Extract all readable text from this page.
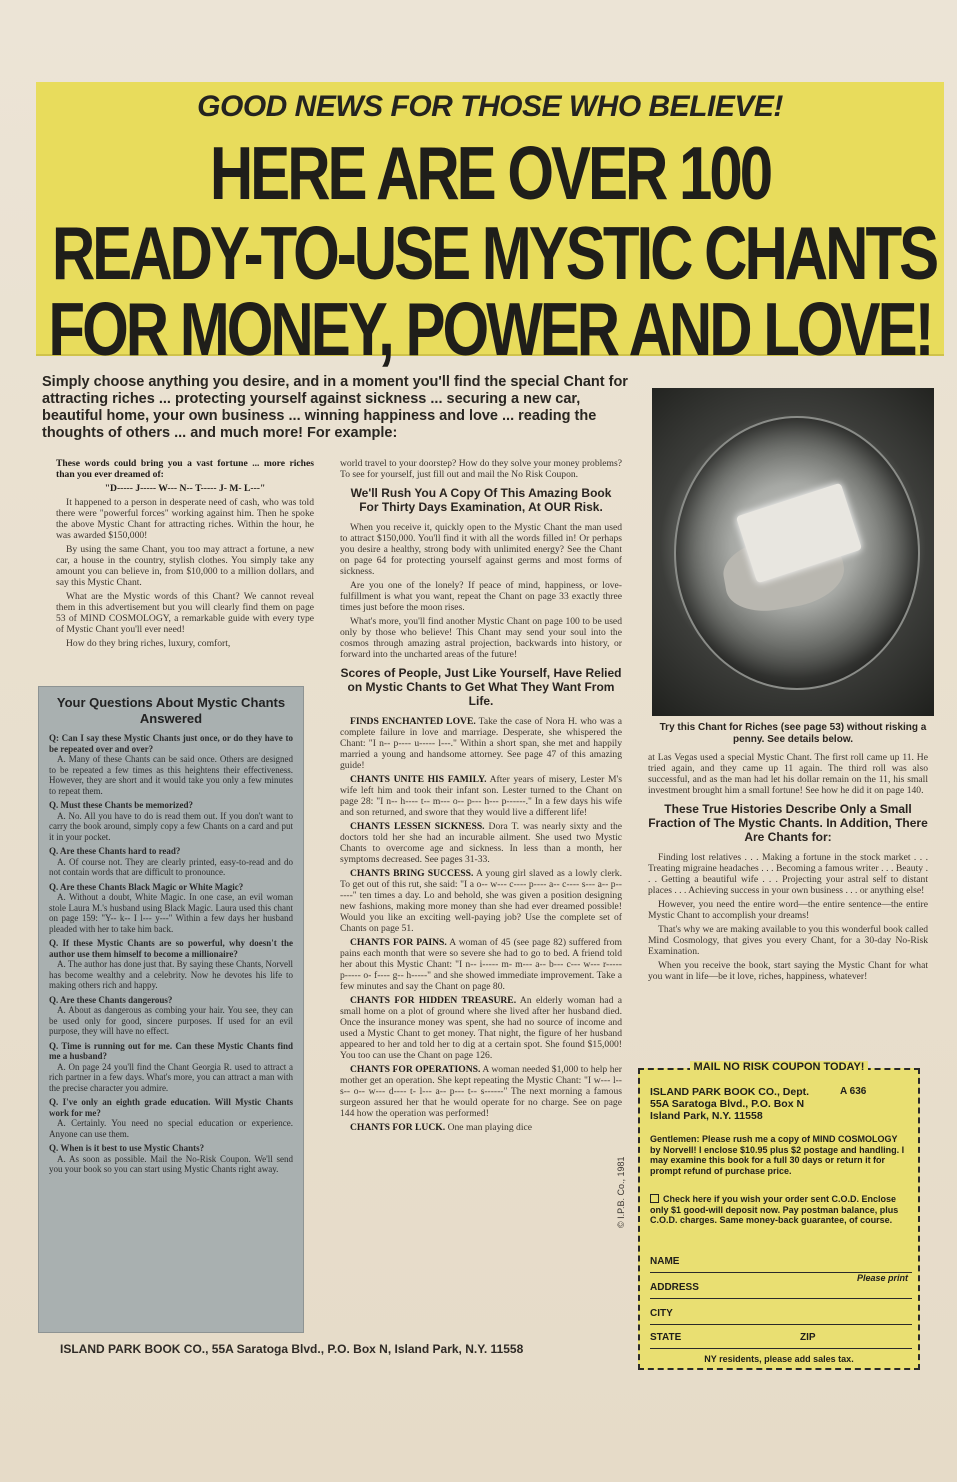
GOOD NEWS FOR THOSE WHO BELIEVE!
HERE ARE OVER 100
READY-TO-USE MYSTIC CHANTS
FOR MONEY, POWER AND LOVE!
Simply choose anything you desire, and in a moment you'll find the special Chant for attracting riches ... protecting yourself against sickness ... securing a new car, beautiful home, your own business ... winning happiness and love ... reading the thoughts of others ... and much more! For example:

These words could bring you a vast fortune ... more riches than you ever dreamed of:

"D----- J----- W--- N-- T----- J- M- L---"

It happened to a person in desperate need of cash, who was told there were "powerful forces" working against him. Then he spoke the above Mystic Chant for attracting riches. Within the hour, he was awarded $150,000!

By using the same Chant, you too may attract a fortune, a new car, a house in the country, stylish clothes. You simply take any amount you can believe in, from $10,000 to a million dollars, and say this Mystic Chant.

What are the Mystic words of this Chant? We cannot reveal them in this advertisement but you will clearly find them on page 53 of MIND COSMOLOGY, a remarkable guide with every type of Mystic Chant you'll ever need!

How do they bring riches, luxury, comfort,

Your Questions About Mystic Chants Answered
Q: Can I say these Mystic Chants just once, or do they have to be repeated over and over?
A. Many of these Chants can be said once. Others are designed to be repeated a few times as this heightens their effectiveness. However, they are short and it would take you only a few minutes to repeat them.
Q. Must these Chants be memorized?
A. No. All you have to do is read them out. If you don't want to carry the book around, simply copy a few Chants on a card and put it in your pocket.
Q. Are these Chants hard to read?
A. Of course not. They are clearly printed, easy-to-read and do not contain words that are difficult to pronounce.
Q. Are these Chants Black Magic or White Magic?
A. Without a doubt, White Magic. In one case, an evil woman stole Laura M.'s husband using Black Magic. Laura used this chant on page 159: "Y-- k-- I l--- y---" Within a few days her husband pleaded with her to take him back.
Q. If these Mystic Chants are so powerful, why doesn't the author use them himself to become a millionaire?
A. The author has done just that. By saying these Chants, Norvell has become wealthy and a celebrity. Now he devotes his life to making others rich and happy.
Q. Are these Chants dangerous?
A. About as dangerous as combing your hair. You see, they can be used only for good, sincere purposes. If used for an evil purpose, they will have no effect.
Q. Time is running out for me. Can these Mystic Chants find me a husband?
A. On page 24 you'll find the Chant Georgia R. used to attract a rich partner in a few days. What's more, you can attract a man with the precise character you admire.
Q. I've only an eighth grade education. Will Mystic Chants work for me?
A. Certainly. You need no special education or experience. Anyone can use them.
Q. When is it best to use Mystic Chants?
A. As soon as possible. Mail the No-Risk Coupon. We'll send you your book so you can start using Mystic Chants right away.

world travel to your doorstep? How do they solve your money problems? To see for yourself, just fill out and mail the No Risk Coupon.

We'll Rush You A Copy Of This Amazing Book For Thirty Days Examination, At OUR Risk.

When you receive it, quickly open to the Mystic Chant the man used to attract $150,000. You'll find it with all the words filled in! Or perhaps you desire a healthy, strong body with unlimited energy? See the Chant on page 64 for protecting yourself against germs and most forms of sickness.

Are you one of the lonely? If peace of mind, happiness, or love-fulfillment is what you want, repeat the Chant on page 33 exactly three times just before the moon rises.

What's more, you'll find another Mystic Chant on page 100 to be used only by those who believe! This Chant may send your soul into the cosmos through amazing astral projection, backwards into history, or forward into the uncharted areas of the future!

Scores of People, Just Like Yourself, Have Relied on Mystic Chants to Get What They Want From Life.

FINDS ENCHANTED LOVE. Take the case of Nora H. who was a complete failure in love and marriage. Desperate, she whispered the Chant: "I n-- p---- u----- l---." Within a short span, she met and happily married a young and handsome attorney. See page 47 of this amazing guide!

CHANTS UNITE HIS FAMILY. After years of misery, Lester M's wife left him and took their infant son. Lester turned to the Chant on page 28: "I n-- h---- t-- m--- o-- p--- h--- p------." In a few days his wife and son returned, and swore that they would live a different life!

CHANTS LESSEN SICKNESS. Dora T. was nearly sixty and the doctors told her she had an incurable ailment. She used two Mystic Chants to overcome age and sickness. In less than a month, her symptoms decreased. See pages 31-33.

CHANTS BRING SUCCESS. A young girl slaved as a lowly clerk. To get out of this rut, she said: "I a o-- w--- c---- p---- a-- c---- s--- a-- p------" ten times a day. Lo and behold, she was given a position designing new fashions, making more money than she had ever dreamed possible! Would you like an exciting well-paying job? Use the complete set of Chants on page 51.

CHANTS FOR PAINS. A woman of 45 (see page 82) suffered from pains each month that were so severe she had to go to bed. A friend told her about this Mystic Chant: "I n-- i----- m- m--- a-- b--- c--- w--- r----- p----- o- f---- g-- h-----" and she showed immediate improvement. Take a few minutes and say the Chant on page 80.

CHANTS FOR HIDDEN TREASURE. An elderly woman had a small home on a plot of ground where she lived after her husband died. Once the insurance money was spent, she had no source of income and used a Mystic Chant to get money. That night, the figure of her husband appeared to her and told her to dig at a certain spot. She found $15,000! You too can use the Chant on page 126.

CHANTS FOR OPERATIONS. A woman needed $1,000 to help her mother get an operation. She kept repeating the Mystic Chant: "I w--- l-- s-- o-- w--- d---- t- l--- a-- p--- t-- s------" The next morning a famous surgeon assured her that he would operate for no charge. See on page 144 how the operation was performed!

CHANTS FOR LUCK. One man playing dice

Try this Chant for Riches (see page 53) without risking a penny. See details below.

at Las Vegas used a special Mystic Chant. The first roll came up 11. He tried again, and they came up 11 again. The third roll was also successful, and as the man had let his dollar remain on the 11, his small investment brought him a small fortune! See how he did it on page 140.

These True Histories Describe Only a Small Fraction of The Mystic Chants. In Addition, There Are Chants for:

Finding lost relatives . . . Making a fortune in the stock market . . . Treating migraine headaches . . . Becoming a famous writer . . . Beauty . . . Getting a beautiful wife . . . Projecting your astral self to distant places . . . Achieving success in your own business . . . or anything else!

However, you need the entire word—the entire sentence—the entire Mystic Chant to accomplish your dreams!

That's why we are making available to you this wonderful book called Mind Cosmology, that gives you every Chant, for a 30-day No-Risk Examination.

When you receive the book, start saying the Mystic Chant for what you want in life—be it love, riches, happiness, whatever!

MAIL NO RISK COUPON TODAY!
ISLAND PARK BOOK CO., Dept.
55A Saratoga Blvd., P.O. Box N
Island Park, N.Y. 11558
A 636
Gentlemen: Please rush me a copy of MIND COSMOLOGY by Norvell! I enclose $10.95 plus $2 postage and handling. I may examine this book for a full 30 days or return it for prompt refund of purchase price.
Check here if you wish your order sent C.O.D. Enclose only $1 good-will deposit now. Pay postman balance, plus C.O.D. charges. Same money-back guarantee, of course.
NAME
Please print
ADDRESS
CITY
STATE	ZIP
NY residents, please add sales tax.
© I.P.B. Co., 1981
ISLAND PARK BOOK CO., 55A Saratoga Blvd., P.O. Box N, Island Park, N.Y. 11558
